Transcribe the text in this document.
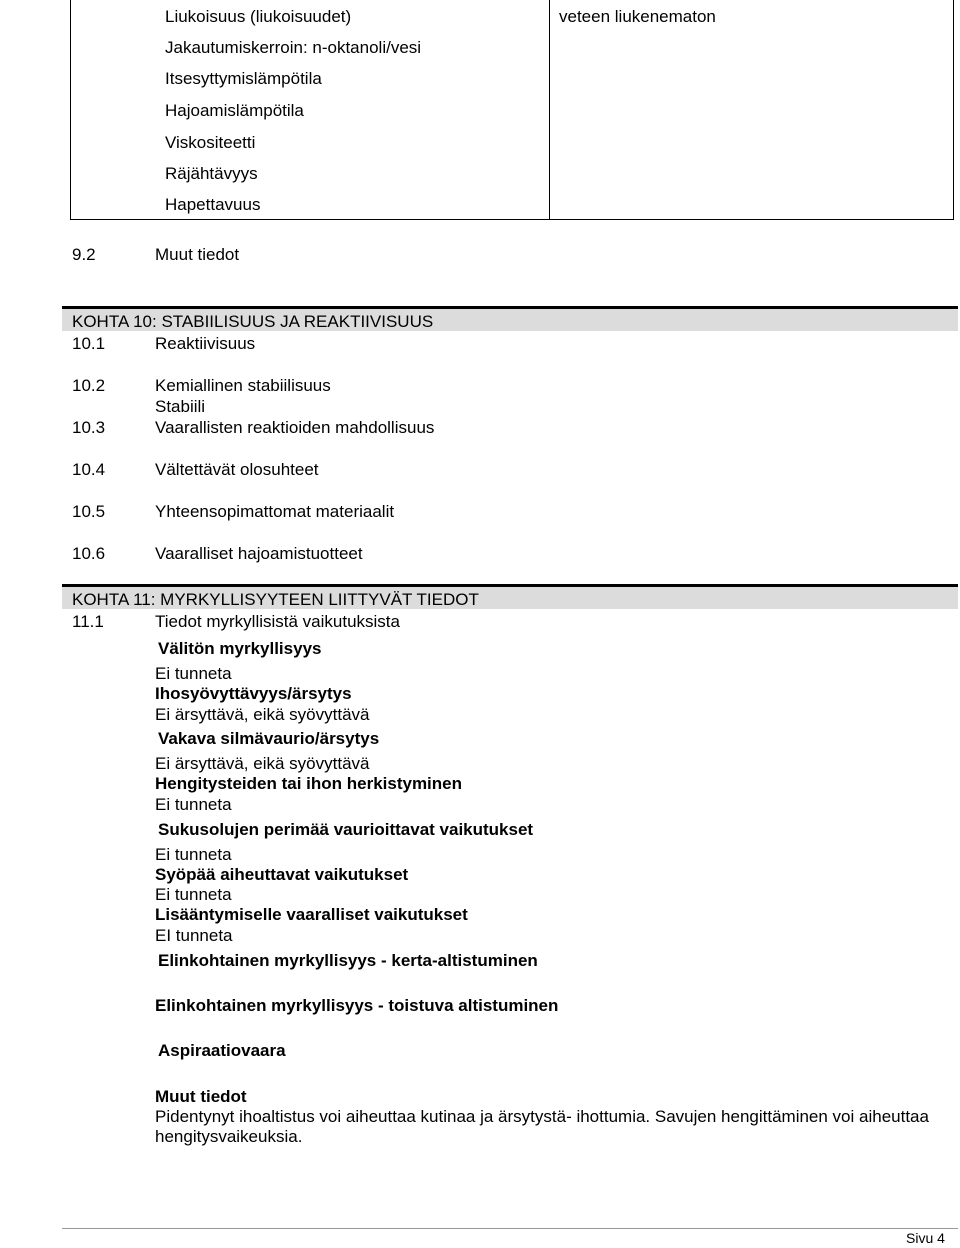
Liukoisuus (liukoisuudet)	veteen liukenematon
Jakautumiskerroin: n-oktanoli/vesi
Itsesyttymislämpötila
Hajoamislämpötila
Viskositeetti
Räjähtävyys
Hapettavuus
9.2	Muut tiedot
KOHTA 10: STABIILISUUS JA REAKTIIVISUUS
10.1	Reaktiivisuus
10.2	Kemiallinen stabiilisuus
Stabiili
10.3	Vaarallisten reaktioiden mahdollisuus
10.4	Vältettävät olosuhteet
10.5	Yhteensopimattomat materiaalit
10.6	Vaaralliset hajoamistuotteet
KOHTA 11: MYRKYLLISYYTEEN LIITTYVÄT TIEDOT
11.1	Tiedot myrkyllisistä vaikutuksista
Välitön myrkyllisyys
Ei tunneta
Ihosyövyttävyys/ärsytys
Ei ärsyttävä, eikä syövyttävä
Vakava silmävaurio/ärsytys
Ei ärsyttävä, eikä syövyttävä
Hengitysteiden tai ihon herkistyminen
Ei tunneta
Sukusolujen perimää vaurioittavat vaikutukset
Ei tunneta
Syöpää aiheuttavat vaikutukset
Ei tunneta
Lisääntymiselle vaaralliset vaikutukset
EI tunneta
Elinkohtainen myrkyllisyys - kerta-altistuminen
Elinkohtainen myrkyllisyys - toistuva altistuminen
Aspiraatiovaara
Muut tiedot
Pidentynyt ihoaltistus voi aiheuttaa kutinaa ja ärsytystä- ihottumia. Savujen hengittäminen voi aiheuttaa
hengitysvaikeuksia.
Sivu 4
